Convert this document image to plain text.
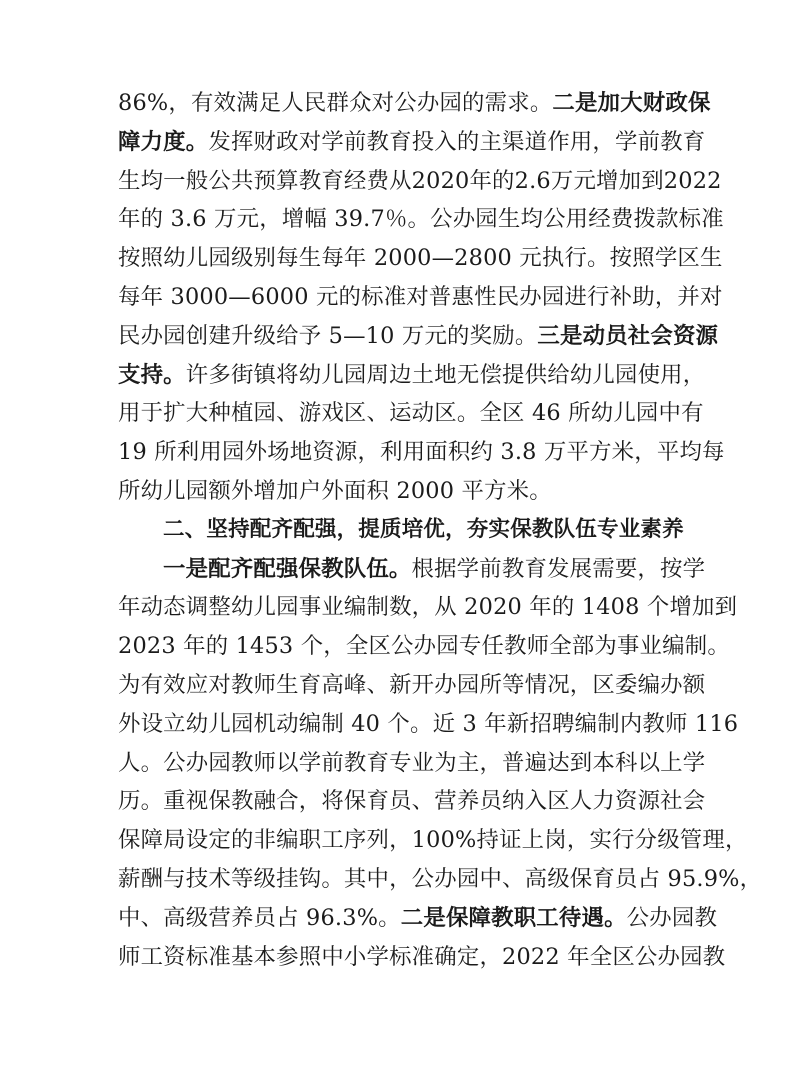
86%，有效满足人民群众对公办园的需求。二是加大财政保
障力度。发挥财政对学前教育投入的主渠道作用，学前教育
生均一般公共预算教育经费从2020年的2.6万元增加到2022
年的 3.6 万元，增幅 39.7％。公办园生均公用经费拨款标准
按照幼儿园级别每生每年 2000—2800 元执行。按照学区生
每年 3000—6000 元的标准对普惠性民办园进行补助，并对
民办园创建升级给予 5—10 万元的奖励。三是动员社会资源
支持。许多街镇将幼儿园周边土地无偿提供给幼儿园使用，
用于扩大种植园、游戏区、运动区。全区 46 所幼儿园中有
19 所利用园外场地资源，利用面积约 3.8 万平方米，平均每
所幼儿园额外增加户外面积 2000 平方米。
二、坚持配齐配强，提质培优，夯实保教队伍专业素养
一是配齐配强保教队伍。根据学前教育发展需要，按学
年动态调整幼儿园事业编制数，从 2020 年的 1408 个增加到
2023 年的 1453 个，全区公办园专任教师全部为事业编制。
为有效应对教师生育高峰、新开办园所等情况，区委编办额
外设立幼儿园机动编制 40 个。近 3 年新招聘编制内教师 116
人。公办园教师以学前教育专业为主，普遍达到本科以上学
历。重视保教融合，将保育员、营养员纳入区人力资源社会
保障局设定的非编职工序列，100%持证上岗，实行分级管理，
薪酬与技术等级挂钩。其中，公办园中、高级保育员占 95.9%，
中、高级营养员占 96.3%。二是保障教职工待遇。公办园教
师工资标准基本参照中小学标准确定，2022 年全区公办园教
